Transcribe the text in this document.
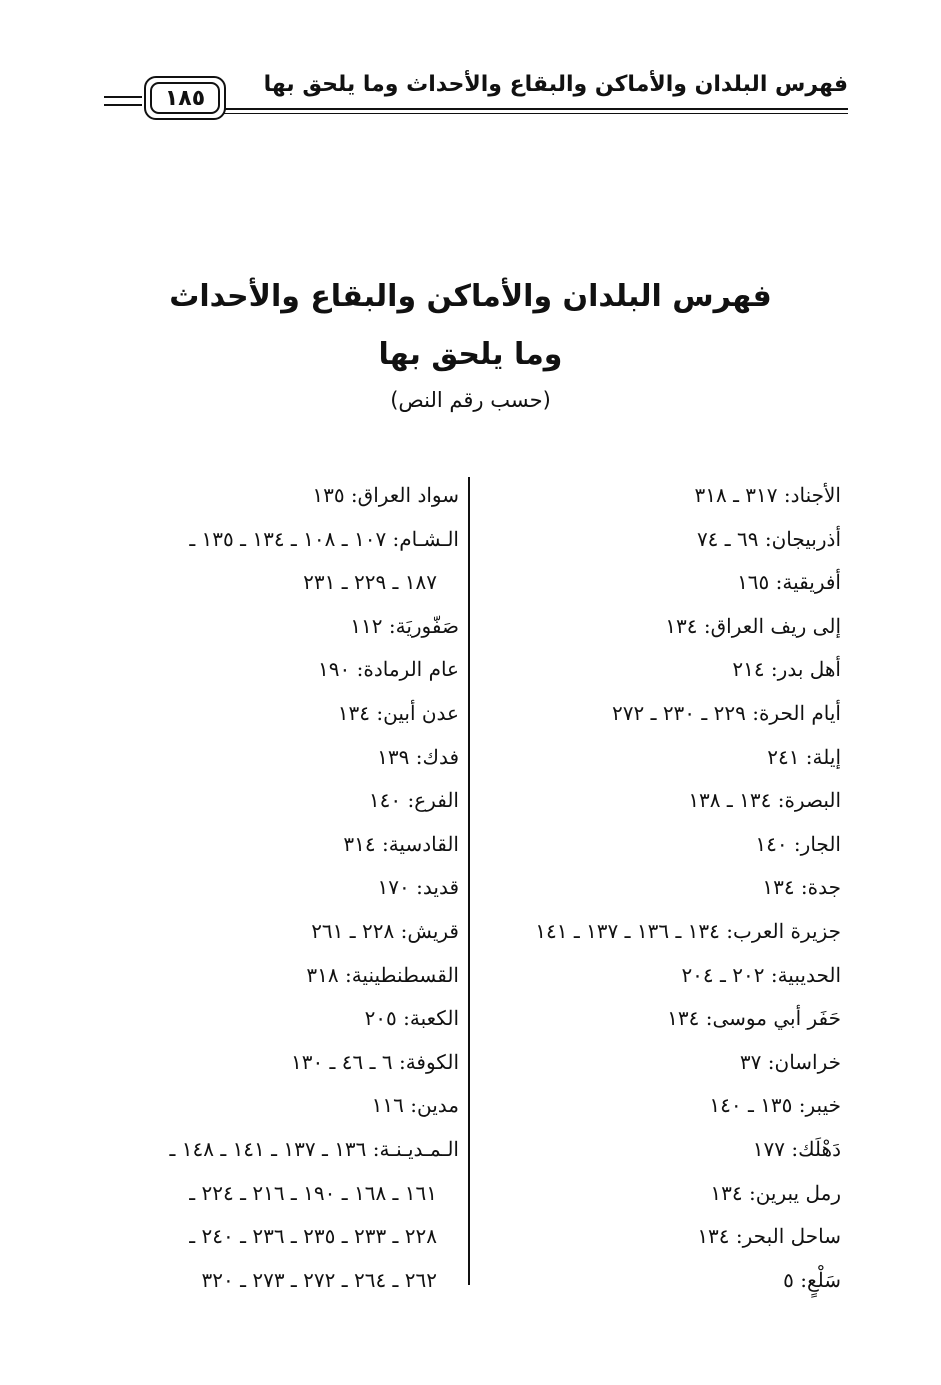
فهرس البلدان والأماكن والبقاع والأحداث وما يلحق بها
١٨٥
فهرس البلدان والأماكن والبقاع والأحداث
وما يلحق بها
(حسب رقم النص)
الأجناد: ٣١٧ ـ ٣١٨
أذربيجان: ٦٩ ـ ٧٤
أفريقية: ١٦٥
إلى ريف العراق: ١٣٤
أهل بدر: ٢١٤
أيام الحرة: ٢٢٩ ـ ٢٣٠ ـ ٢٧٢
إيلة: ٢٤١
البصرة: ١٣٤ ـ ١٣٨
الجار: ١٤٠
جدة: ١٣٤
جزيرة العرب: ١٣٤ ـ ١٣٦ ـ ١٣٧ ـ ١٤١
الحديبية: ٢٠٢ ـ ٢٠٤
حَفَر أبي موسى: ١٣٤
خراسان: ٣٧
خيبر: ١٣٥ ـ ١٤٠
دَهْلَك: ١٧٧
رمل يبرين: ١٣٤
ساحل البحر: ١٣٤
سَلْعٍ: ٥
سواد العراق: ١٣٥
الـشـام: ١٠٧ ـ ١٠٨ ـ ١٣٤ ـ ١٣٥ ـ
١٨٧ ـ ٢٢٩ ـ ٢٣١
صَفّوريَة: ١١٢
عام الرمادة: ١٩٠
عدن أبين: ١٣٤
فدك: ١٣٩
الفرع: ١٤٠
القادسية: ٣١٤
قديد: ١٧٠
قريش: ٢٢٨ ـ ٢٦١
القسطنطينية: ٣١٨
الكعبة: ٢٠٥
الكوفة: ٦ ـ ٤٦ ـ ١٣٠
مدين: ١١٦
الـمـديـنـة: ١٣٦ ـ ١٣٧ ـ ١٤١ ـ ١٤٨ ـ
١٦١ ـ ١٦٨ ـ ١٩٠ ـ ٢١٦ ـ ٢٢٤ ـ
٢٢٨ ـ ٢٣٣ ـ ٢٣٥ ـ ٢٣٦ ـ ٢٤٠ ـ
٢٦٢ ـ ٢٦٤ ـ ٢٧٢ ـ ٢٧٣ ـ ٣٢٠
